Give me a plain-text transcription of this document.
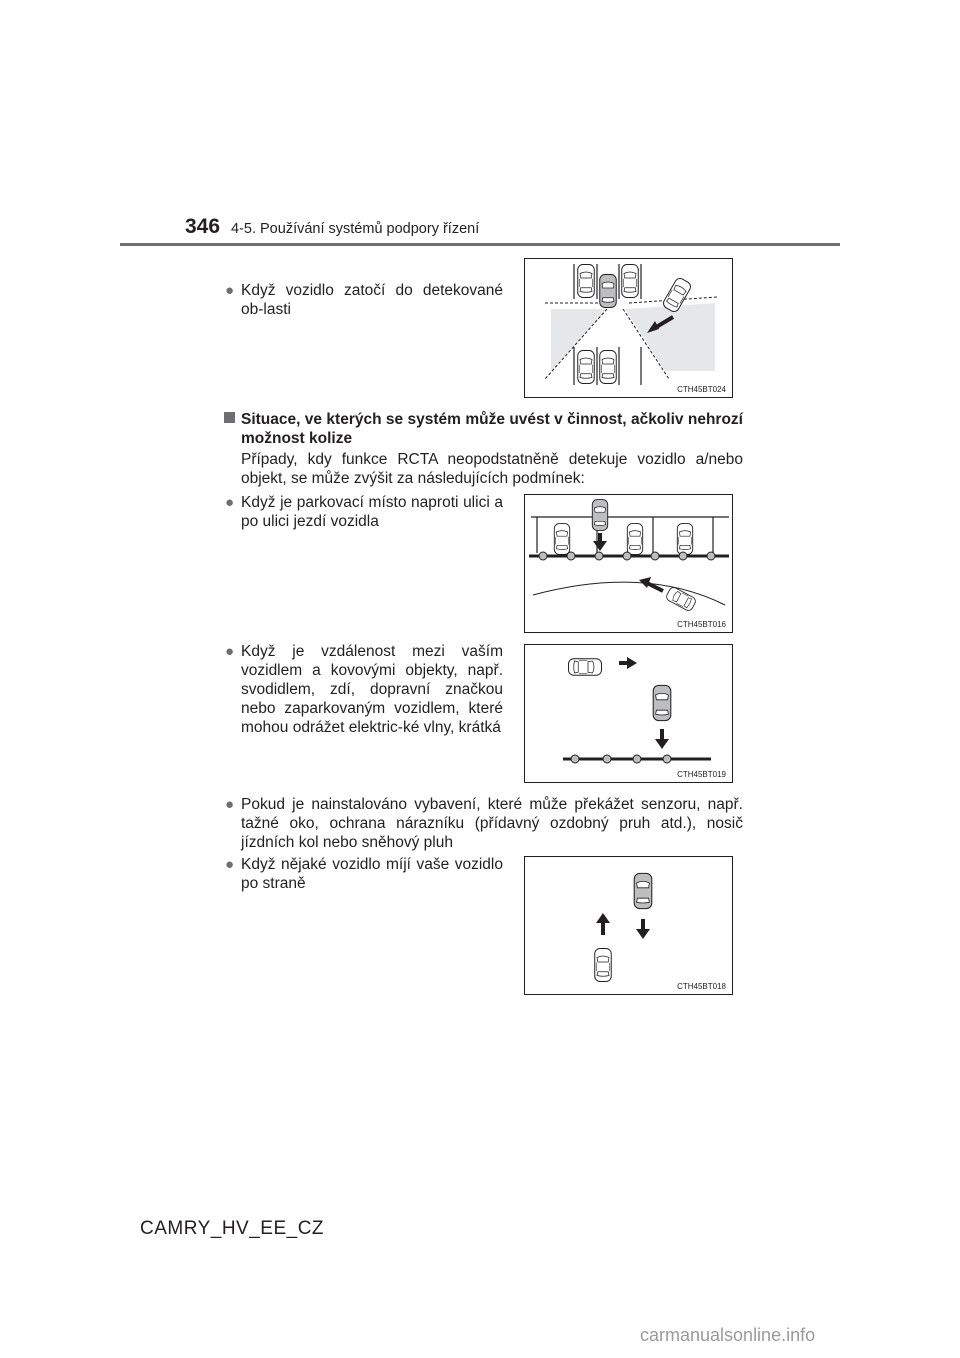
346 4-5. Používání systémů podpory řízení
● Když vozidlo zatočí do detekované ob-lasti
CTH45BT024
Situace, ve kterých se systém může uvést v činnost, ačkoliv nehrozí možnost kolize
Případy, kdy funkce RCTA neopodstatněně detekuje vozidlo a/nebo objekt, se může zvýšit za následujících podmínek:
● Když je parkovací místo naproti ulici a po ulici jezdí vozidla
CTH45BT016
● Když je vzdálenost mezi vaším vozidlem a kovovými objekty, např. svodidlem, zdí, dopravní značkou nebo zaparkovaným vozidlem, které mohou odrážet elektric-ké vlny, krátká
CTH45BT019
● Pokud je nainstalováno vybavení, které může překážet senzoru, např. tažné oko, ochrana nárazníku (přídavný ozdobný pruh atd.), nosič jízdních kol nebo sněhový pluh
● Když nějaké vozidlo míjí vaše vozidlo po straně
CTH45BT018
CAMRY_HV_EE_CZ
carmanualsonline.info
